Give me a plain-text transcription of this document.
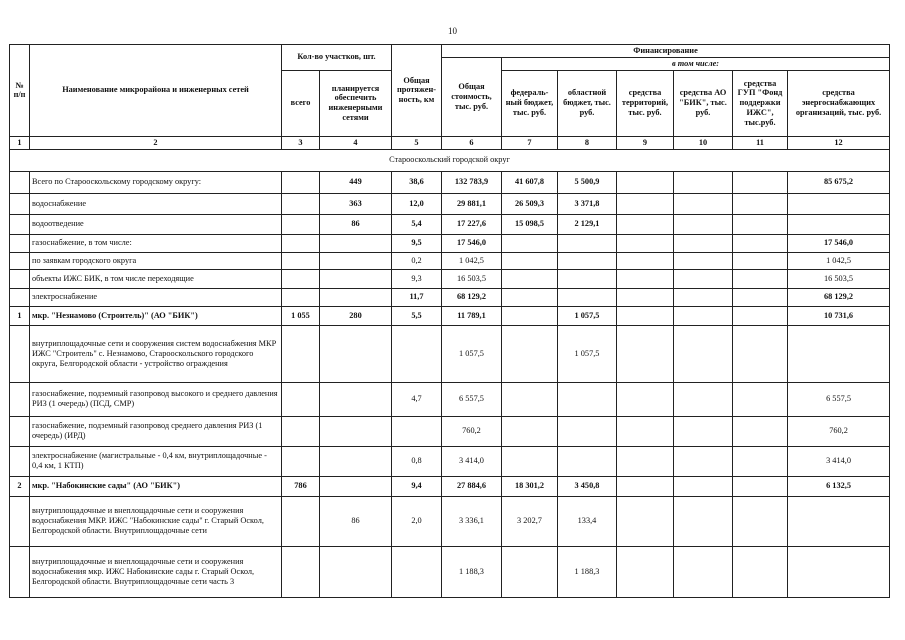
10
№ п/п	Наименование микрорайона и инженерных сетей	Кол-во участков, шт.		Общая протяжен-ность, км	Финансирование						
					Общая стоимость, тыс. руб.	в том числе:					
		всего	планируется обеспечить инженерными сетями			федераль-ный бюджет, тыс. руб.	областной бюджет, тыс. руб.	средства территорий, тыс. руб.	средства АО "БИК", тыс. руб.	средства ГУП "Фонд поддержки ИЖС", тыс.руб.	средства энергоснабжающих организаций, тыс. руб.
1	2	3	4	5	6	7	8	9	10	11	12
Старооскольский городской округ											
	Всего по Старооскольскому городскому округу:		449	38,6	132 783,9	41 607,8	5 500,9				85 675,2
	водоснабжение		363	12,0	29 881,1	26 509,3	3 371,8				
	водоотведение		86	5,4	17 227,6	15 098,5	2 129,1				
	газоснабжение, в том числе:			9,5	17 546,0						17 546,0
	по заявкам городского округа			0,2	1 042,5						1 042,5
	объекты ИЖС БИК, в том числе переходящие			9,3	16 503,5						16 503,5
	электроснабжение			11,7	68 129,2						68 129,2
1	мкр. "Незнамово (Строитель)" (АО "БИК")	1 055	280	5,5	11 789,1		1 057,5				10 731,6
	внутриплощадочные сети и сооружения систем водоснабжения МКР ИЖС "Строитель" с. Незнамово, Старооскольского городского округа, Белгородской области - устройство ограждения				1 057,5		1 057,5				
	газоснабжение, подземный газопровод высокого и среднего давления РИЗ (1 очередь) (ПСД, СМР)			4,7	6 557,5						6 557,5
	газоснабжение, подземный газопровод среднего давления РИЗ (1 очередь) (ИРД)				760,2						760,2
	электроснабжение (магистральные - 0,4 км, внутриплощадочные - 0,4 км, 1 КТП)			0,8	3 414,0						3 414,0
2	мкр. "Набокинские сады" (АО "БИК")	786		9,4	27 884,6	18 301,2	3 450,8				6 132,5
	внутриплощадочные и внеплощадочные сети и сооружения водоснабжения МКР. ИЖС "Набокинские сады" г. Старый Оскол, Белгородской области. Внутриплощадочные сети		86	2,0	3 336,1	3 202,7	133,4				
	внутриплощадочные и внеплощадочные сети и сооружения водоснабжения мкр. ИЖС Набокинские сады г. Старый Оскол, Белгородской области. Внутриплощадочные сети часть 3				1 188,3		1 188,3				
